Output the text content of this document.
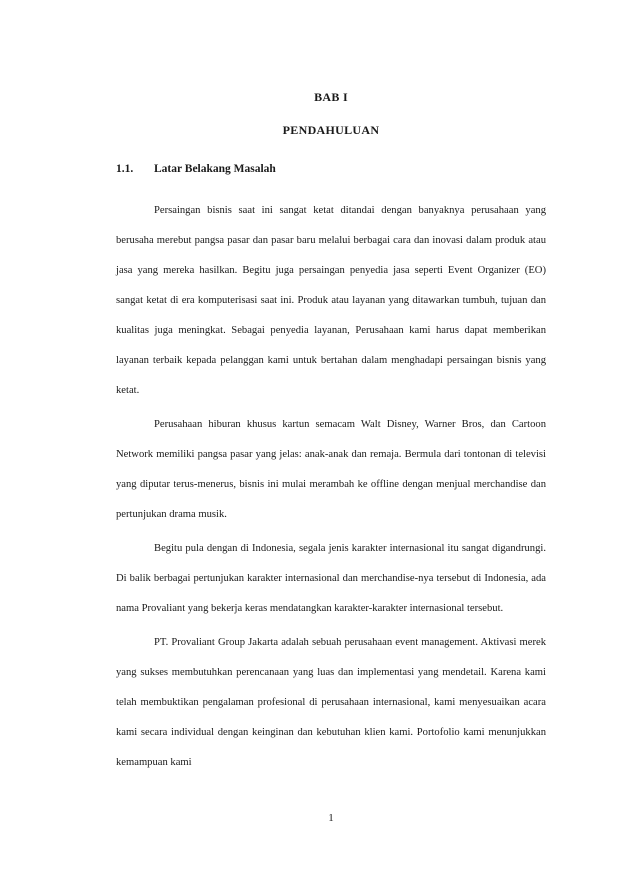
BAB I
PENDAHULUAN
1.1. Latar Belakang Masalah

Persaingan bisnis saat ini sangat ketat ditandai dengan banyaknya perusahaan yang berusaha merebut pangsa pasar dan pasar baru melalui berbagai cara dan inovasi dalam produk atau jasa yang mereka hasilkan. Begitu juga persaingan penyedia jasa seperti Event Organizer (EO) sangat ketat di era komputerisasi saat ini. Produk atau layanan yang ditawarkan tumbuh, tujuan dan kualitas juga meningkat. Sebagai penyedia layanan, Perusahaan kami harus dapat memberikan layanan terbaik kepada pelanggan kami untuk bertahan dalam menghadapi persaingan bisnis yang ketat.

Perusahaan hiburan khusus kartun semacam Walt Disney, Warner Bros, dan Cartoon Network memiliki pangsa pasar yang jelas: anak-anak dan remaja. Bermula dari tontonan di televisi yang diputar terus-menerus, bisnis ini mulai merambah ke offline dengan menjual merchandise dan pertunjukan drama musik.

Begitu pula dengan di Indonesia, segala jenis karakter internasional itu sangat digandrungi. Di balik berbagai pertunjukan karakter internasional dan merchandise-nya tersebut di Indonesia, ada nama Provaliant yang bekerja keras mendatangkan karakter-karakter internasional tersebut.

PT. Provaliant Group Jakarta adalah sebuah perusahaan event management. Aktivasi merek yang sukses membutuhkan perencanaan yang luas dan implementasi yang mendetail. Karena kami telah membuktikan pengalaman profesional di perusahaan internasional, kami menyesuaikan acara kami secara individual dengan keinginan dan kebutuhan klien kami. Portofolio kami menunjukkan kemampuan kami

1
